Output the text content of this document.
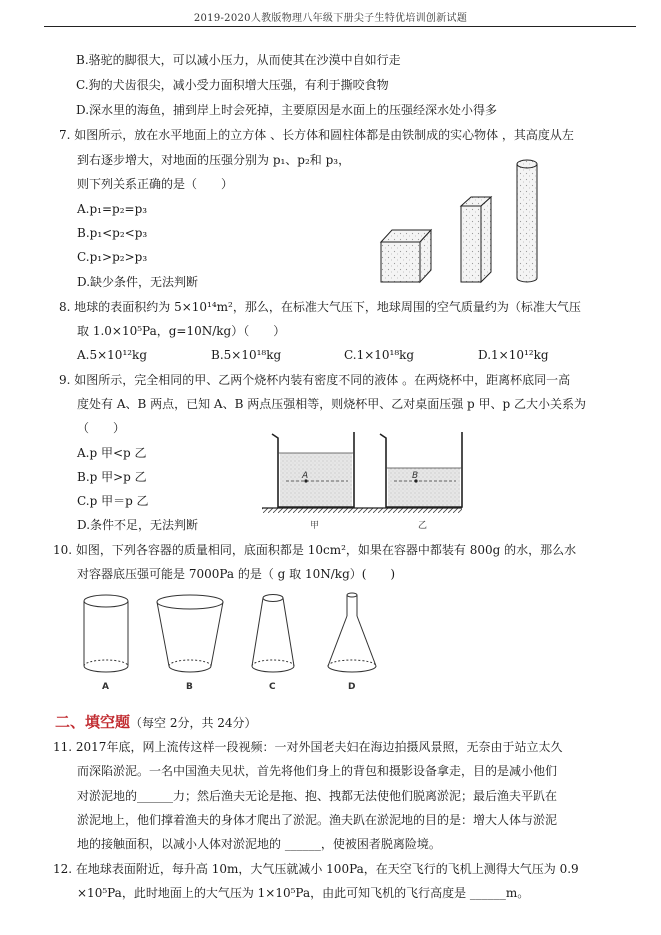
2019-2020人教版物理八年级下册尖子生特优培训创新试题
B.骆驼的脚很大，可以减小压力，从而使其在沙漠中自如行走
C.狗的犬齿很尖，减小受力面积增大压强，有利于撕咬食物
D.深水里的海鱼，捕到岸上时会死掉，主要原因是水面上的压强经深水处小得多
7. 如图所示，放在水平地面上的立方体 、长方体和圆柱体都是由铁制成的实心物体 ，其高度从左
到右逐步增大，对地面的压强分别为 p₁、p₂和 p₃，
则下列关系正确的是（　　）
A.p₁=p₂=p₃
B.p₁<p₂<p₃
C.p₁>p₂>p₃
D.缺少条件，无法判断
8. 地球的表面积约为 5×10¹⁴m²，那么，在标准大气压下，地球周围的空气质量约为（标准大气压
取 1.0×10⁵Pa，g=10N/kg）（　　）
A.5×10¹²kg	B.5×10¹⁸kg	C.1×10¹⁸kg	D.1×10¹²kg
9. 如图所示，完全相同的甲、乙两个烧杯内装有密度不同的液体 。在两烧杯中，距离杯底同一高
度处有 A、B 两点，已知 A、B 两点压强相等，则烧杯甲、乙对桌面压强 p 甲、p 乙大小关系为
（　　）
A.p 甲<p 乙
B.p 甲>p 乙
C.p 甲＝p 乙
D.条件不足，无法判断
A	B
甲	乙
10. 如图，下列各容器的质量相同，底面积都是 10cm²，如果在容器中都装有 800g 的水，那么水
对容器底压强可能是 7000Pa 的是（ g 取 10N/kg）(　　)
A	B	C	D
二、填空题（每空 2分，共 24分）
11. 2017年底，网上流传这样一段视频：一对外国老夫妇在海边拍摄风景照，无奈由于站立太久
而深陷淤泥。一名中国渔夫见状，首先将他们身上的背包和摄影设备拿走，目的是减小他们
对淤泥地的______力；然后渔夫无论是拖、抱、拽都无法使他们脱离淤泥；最后渔夫平趴在
淤泥地上，他们撑着渔夫的身体才爬出了淤泥。渔夫趴在淤泥地的目的是：增大人体与淤泥
地的接触面积，以减小人体对淤泥地的 ______，使被困者脱离险境。
12. 在地球表面附近，每升高 10m，大气压就减小 100Pa，在天空飞行的飞机上测得大气压为 0.9
×10⁵Pa，此时地面上的大气压为 1×10⁵Pa，由此可知飞机的飞行高度是 ______m。
